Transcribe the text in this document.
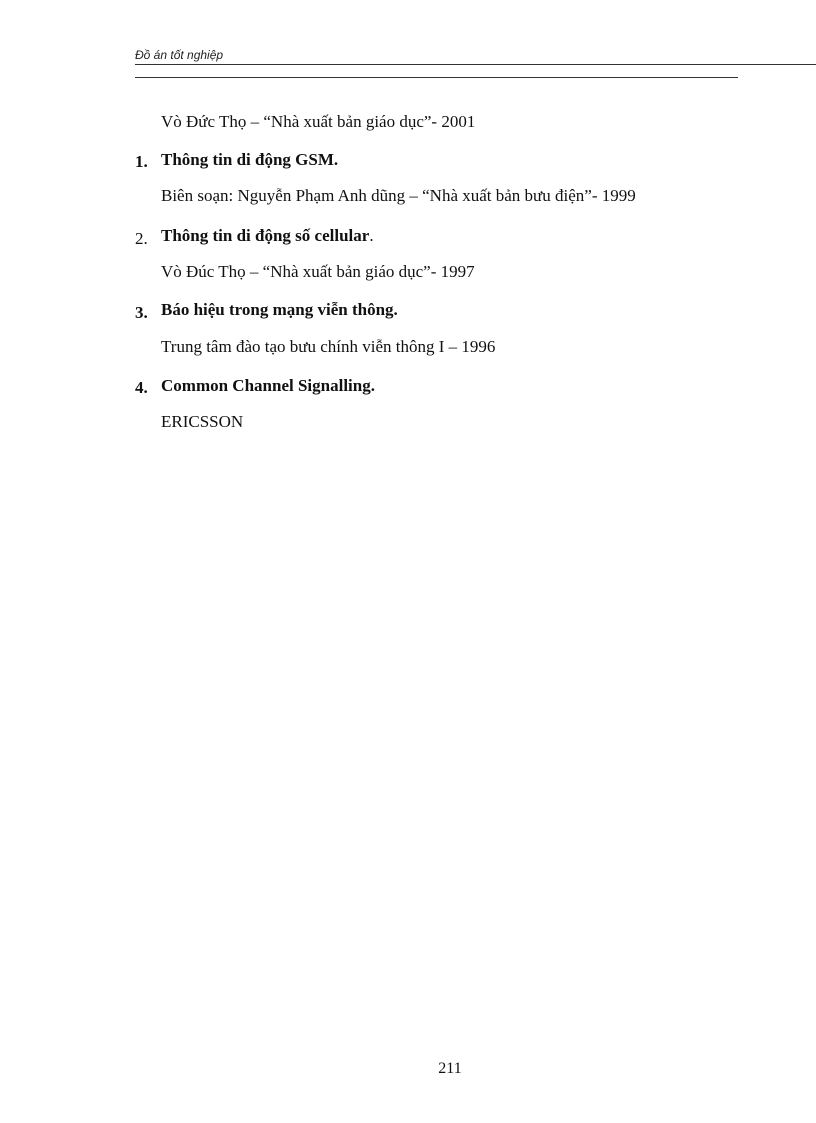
Đồ án tốt nghiệp
Vò Đức Thọ – “Nhà xuất bản giáo dục”- 2001
1. Thông tin di động GSM.
Biên soạn: Nguyễn Phạm Anh dũng – “Nhà xuất bản bưu điện”- 1999
2. Thông tin di động số cellular.
Vò Đúc Thọ – “Nhà xuất bản giáo dục”- 1997
3. Báo hiệu trong mạng viễn thông.
Trung tâm đào tạo bưu chính viễn thông I – 1996
4. Common Channel Signalling.
ERICSSON
211
